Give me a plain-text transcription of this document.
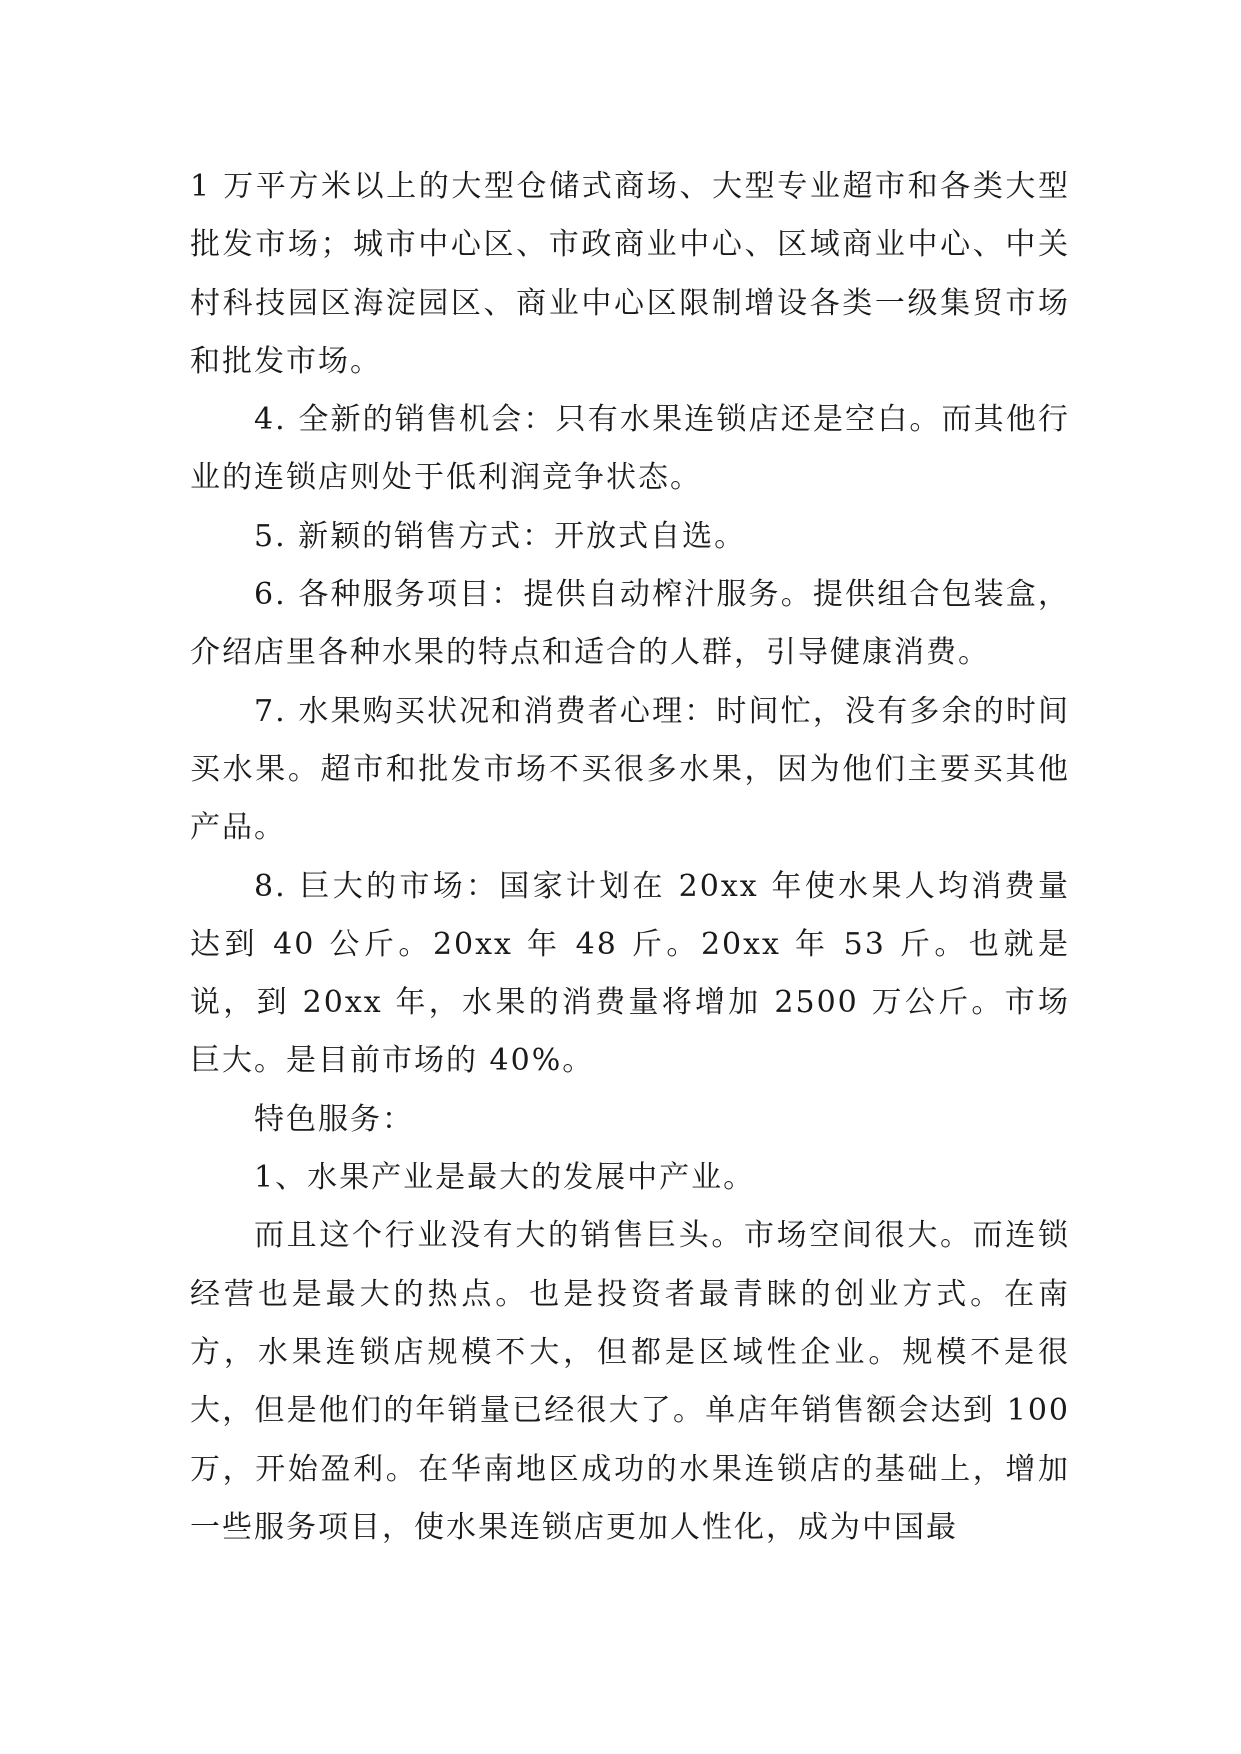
1 万平方米以上的大型仓储式商场、大型专业超市和各类大型批发市场；城市中心区、市政商业中心、区域商业中心、中关村科技园区海淀园区、商业中心区限制增设各类一级集贸市场和批发市场。

4. 全新的销售机会：只有水果连锁店还是空白。而其他行业的连锁店则处于低利润竞争状态。

5. 新颖的销售方式：开放式自选。

6. 各种服务项目：提供自动榨汁服务。提供组合包装盒，介绍店里各种水果的特点和适合的人群，引导健康消费。

7. 水果购买状况和消费者心理：时间忙，没有多余的时间买水果。超市和批发市场不买很多水果，因为他们主要买其他产品。

8. 巨大的市场：国家计划在 20xx 年使水果人均消费量达到 40 公斤。20xx 年 48 斤。20xx 年 53 斤。也就是说，到 20xx 年，水果的消费量将增加 2500 万公斤。市场巨大。是目前市场的 40%。

特色服务：

1、水果产业是最大的发展中产业。

而且这个行业没有大的销售巨头。市场空间很大。而连锁经营也是最大的热点。也是投资者最青睐的创业方式。在南方，水果连锁店规模不大，但都是区域性企业。规模不是很大，但是他们的年销量已经很大了。单店年销售额会达到 100 万，开始盈利。在华南地区成功的水果连锁店的基础上，增加一些服务项目，使水果连锁店更加人性化，成为中国最
